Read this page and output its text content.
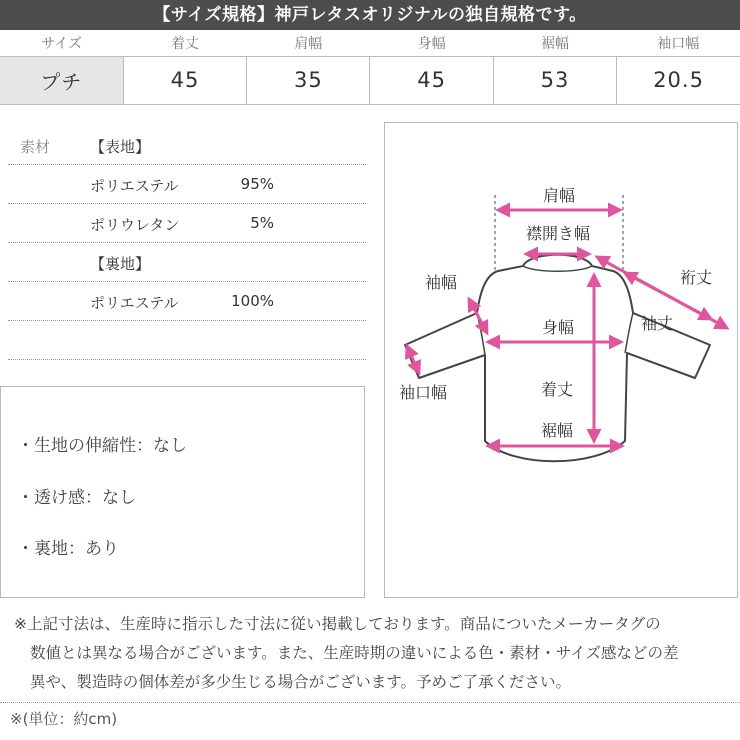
【サイズ規格】神戸レタスオリジナルの独自規格です。
サイズ	着丈	肩幅	身幅	裾幅	袖口幅
プチ	45	35	45	53	20.5
素材	【表地】
ポリエステル	95%
ポリウレタン	5%
【裏地】
ポリエステル	100%
・生地の伸縮性：なし
・透け感：なし
・裏地：あり
肩幅
襟開き幅
裄丈
袖幅
袖丈
身幅
袖口幅	着丈
裾幅
※上記寸法は、生産時に指示した寸法に従い掲載しております。商品についたメーカータグの
数値とは異なる場合がございます。また、生産時期の違いによる色・素材・サイズ感などの差
異や、製造時の個体差が多少生じる場合がございます。予めご了承ください。
※(単位：約cm)
